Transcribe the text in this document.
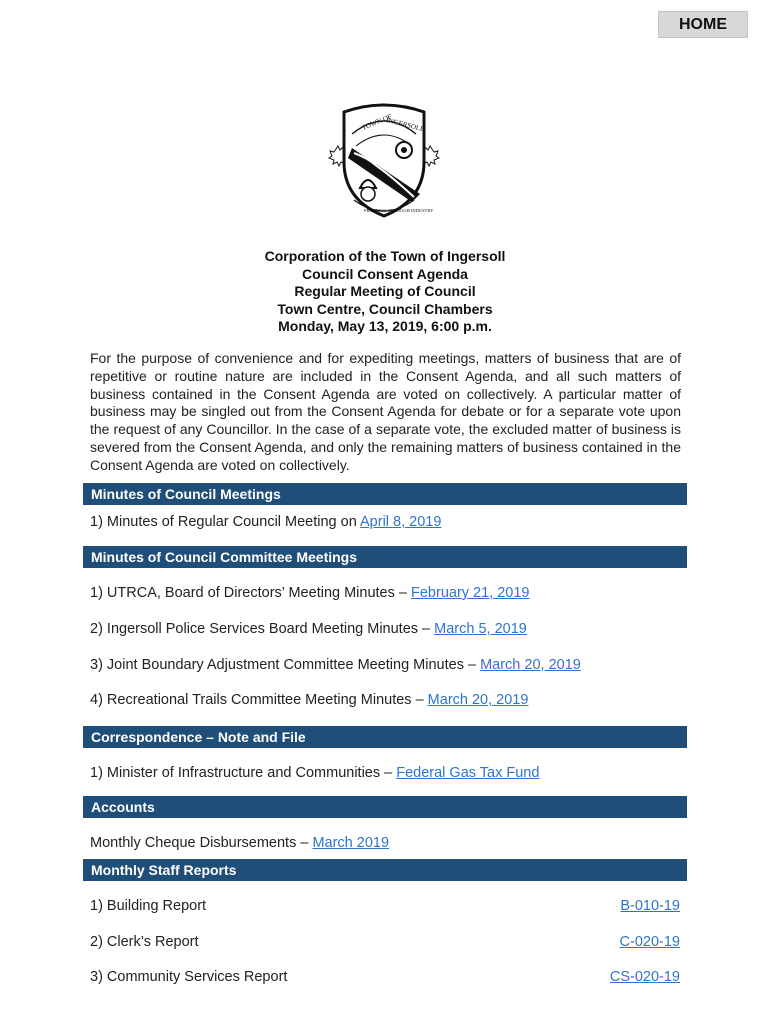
HOME
TOWN OF
INGERSOLL
PROGRESS THROUGH INDUSTRY
Corporation of the Town of Ingersoll
Council Consent Agenda
Regular Meeting of Council
Town Centre, Council Chambers
Monday, May 13, 2019, 6:00 p.m.
For the purpose of convenience and for expediting meetings, matters of business that are of repetitive or routine nature are included in the Consent Agenda, and all such matters of business contained in the Consent Agenda are voted on collectively. A particular matter of business may be singled out from the Consent Agenda for debate or for a separate vote upon the request of any Councillor. In the case of a separate vote, the excluded matter of business is severed from the Consent Agenda, and only the remaining matters of business contained in the Consent Agenda are voted on collectively.
Minutes of Council Meetings
1) Minutes of Regular Council Meeting on April 8, 2019
Minutes of Council Committee Meetings
1) UTRCA, Board of Directors’ Meeting Minutes – February 21, 2019
2) Ingersoll Police Services Board Meeting Minutes – March 5, 2019
3) Joint Boundary Adjustment Committee Meeting Minutes – March 20, 2019
4) Recreational Trails Committee Meeting Minutes – March 20, 2019
Correspondence – Note and File
1) Minister of Infrastructure and Communities – Federal Gas Tax Fund
Accounts
Monthly Cheque Disbursements – March 2019
Monthly Staff Reports
1) Building Report	B-010-19
2) Clerk’s Report	C-020-19
3) Community Services Report	CS-020-19
